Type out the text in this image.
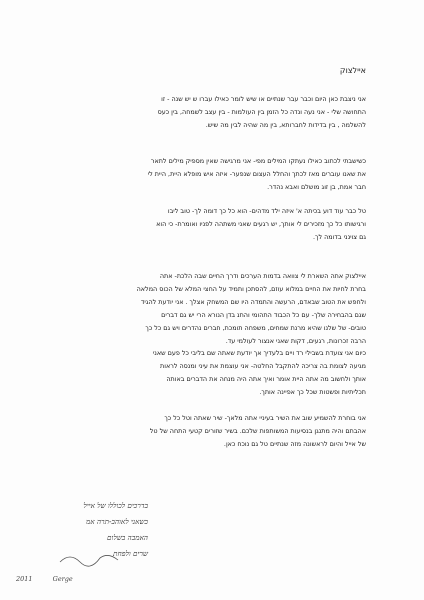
איילצוק
אני ניצבת כאן היום וכבר עבר שנתיים או שיש לומר כאילו עברו ש יש שנה - זו
התחושה שלי - אני נעה ונדה כל הזמן בין העולמות - בין עצב לשמחה, בין כעס
להשלמה , בין בדידות לחברותא, בין מה שהיה לבין מה שיש.
כשישבתי לכתוב כאילו נעתקו המילים מפי- אני מרגישה שאין מספיק מילים לתאר
את שאנו עוברים מאז לכתך והחלל העצום שנפער- איזה איש מופלא היית, היית לי
חבר אמת, בן זוג מושלם ואבא נהדר.
טל כבר עוד דוע בכיתה א' איזה ילד מדהים- הוא כל כך דומה לך- טוב ליבו
ורגישותו כל כך מזכירים לי אותך, יש רגעים שאני משתהה לפניו ואומרת- כי הוא
גם צוינני בדומה לך.
איילצוק אתה השארת לי צוואה בדמות הערכים ודרך החיים שבה הלכת- אתה
בחרת לחיות את החיים במלוא עוזם, להסתכן ותמיד על החצי המלא של הכוס המלאה
ולחפש את הטוב שבאדם, הרעשה והתמדה היו שם המשחק אצלך . אני יודעת להגיד
שגם בהבחירה שלך- עם כל הכבוד התהומי והתנ בדן הנורא הרי יש גם דברים
טובים- של שלנו שהיא מרנת שמחים, משפחה תומכת, חברים נהדרים ויש גם כל כך
הרבה זכרונות, רגעים, דקות שאני אנצור לעולמי עד.
כיום אני צועדת בשבילי רד ויים בלעדיך אך יודעת שאתה שם בליבי כל פעם שאני
מגיעה לצומת בה צריכה להתקבל החלטה- אני עוצמת את עיני ומנסה לראות
אותך ולחשוב מה אתה היית אומר ואיך אתה היה מנחה את הדברים באותה
תכליתיות ופשטות שכל כך אפיינה אותך.
אני בוחרת להשמיע שוב את השיר בעיניי אתה מלאך- שיר שאתה וטל כל כך
אהבתם והיה מתנגן בנסיעות המשותפות שלכם. בשיר שזורים קטעי התחה של טל
של אייל והיום לראשונה מזה שנתיים טל גם נוכח כאן.
בדרכים לכוללו של אייל
כשאני לאוהב-תרה אמ
האמבה בשלום
שרים ולפחת
2011	Gerge
